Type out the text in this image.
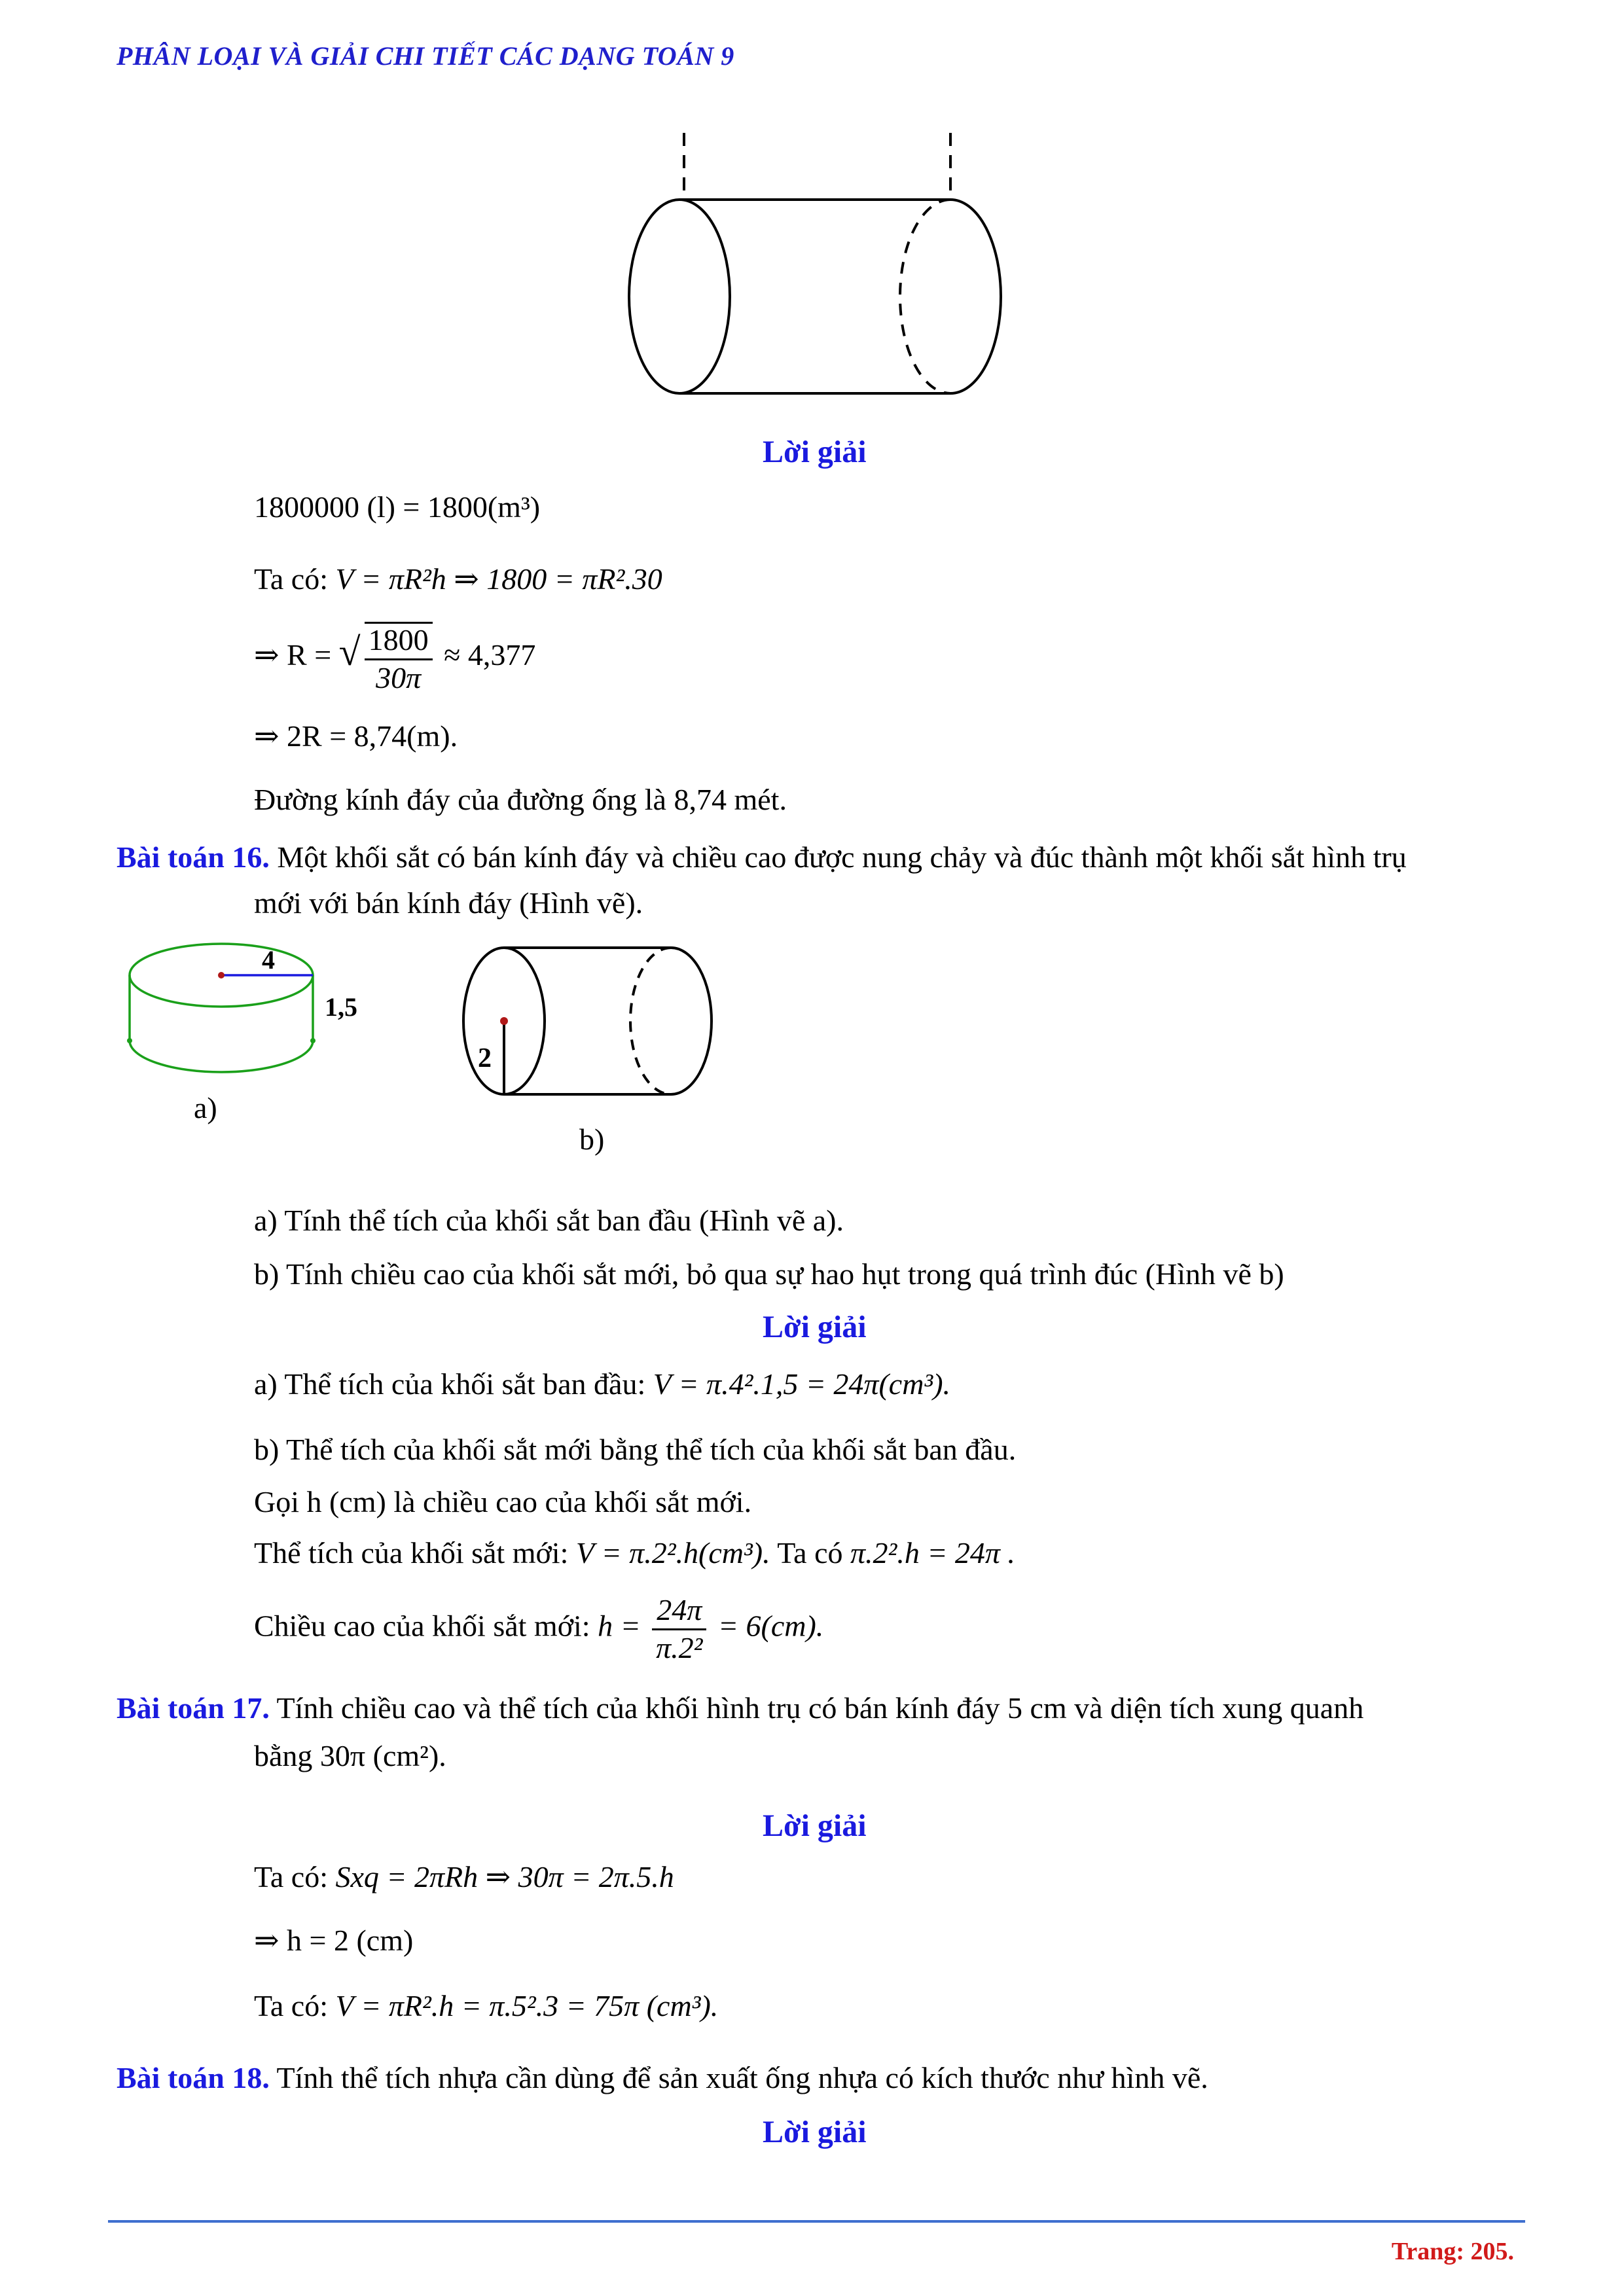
PHÂN LOẠI VÀ GIẢI CHI TIẾT CÁC DẠNG TOÁN 9
Lời giải
1800000 (l) = 1800(m³)
Ta có: V = πR²h ⇒ 1800 = πR².30
⇒ R = √ $\frac{1800}{30\pi} \approx 4,377$
⇒ 2R = 8,74(m).
Đường kính đáy của đường ống là 8,74 mét.
Bài toán 16. Một khối sắt có bán kính đáy và chiều cao được nung chảy và đúc thành một khối sắt hình trụ
mới với bán kính đáy (Hình vẽ).
4
1,5
a)
2
b)
a) Tính thể tích của khối sắt ban đầu (Hình vẽ a).
b) Tính chiều cao của khối sắt mới, bỏ qua sự hao hụt trong quá trình đúc (Hình vẽ b)
Lời giải
a) Thể tích của khối sắt ban đầu: V = π.4².1,5 = 24π(cm³).
b) Thể tích của khối sắt mới bằng thể tích của khối sắt ban đầu.
Gọi h (cm) là chiều cao của khối sắt mới.
Thể tích của khối sắt mới: V = π.2².h(cm³). Ta có π.2².h = 24π .
Chiều cao của khối sắt mới: $h = \frac{24\pi}{\text{π.2²}} = 6(cm)$.
Bài toán 17. Tính chiều cao và thể tích của khối hình trụ có bán kính đáy 5 cm và diện tích xung quanh
bằng 30π (cm²).
Lời giải
Ta có: Sxq = 2πRh ⇒ 30π = 2π.5.h
⇒ h = 2 (cm)
Ta có: V = πR².h = π.5².3 = 75π (cm³).
Bài toán 18. Tính thể tích nhựa cần dùng để sản xuất ống nhựa có kích thước như hình vẽ.
Lời giải
Trang: 205.
